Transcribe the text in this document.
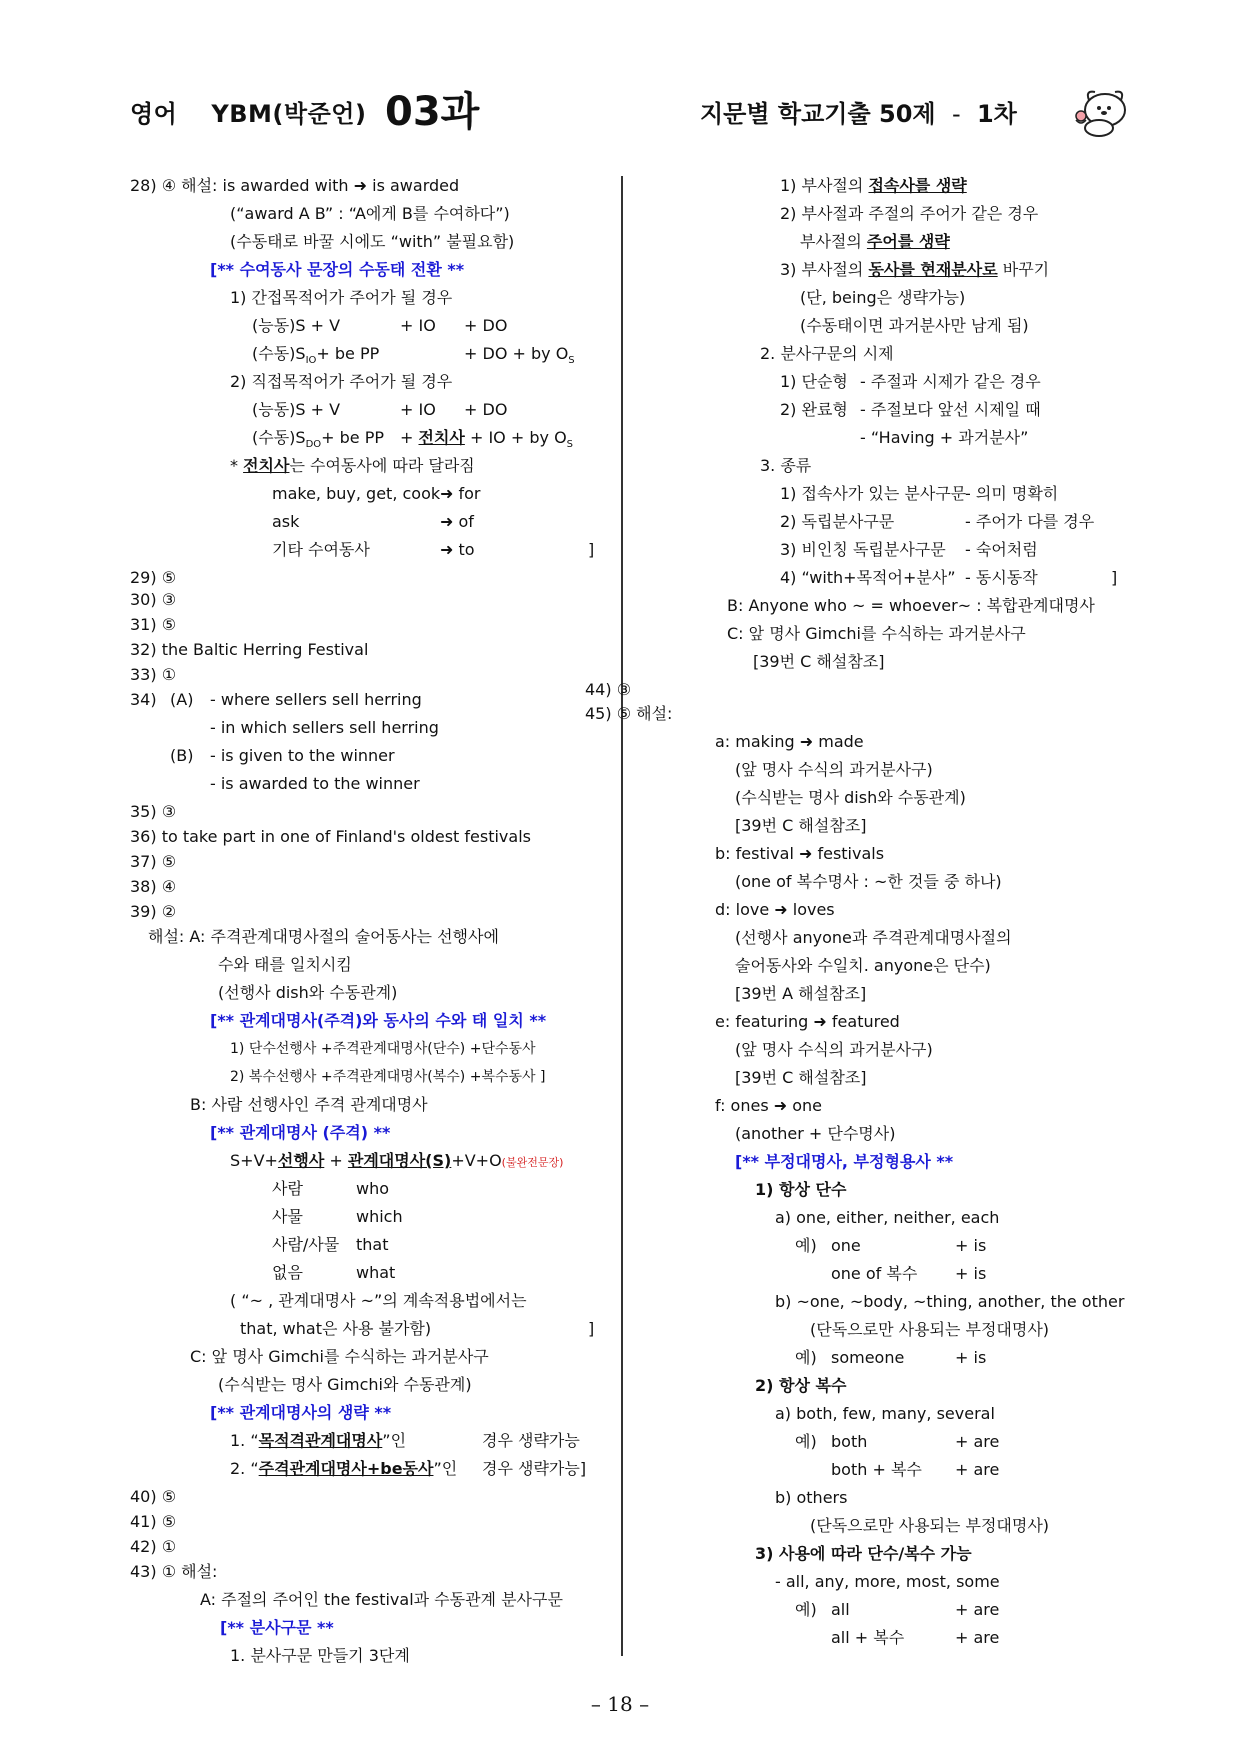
영어 YBM(박준언) 03과	지문별 학교기출 50제 - 1차
28) ④ 해설: is awarded with ➜ is awarded
(“award A B” : “A에게 B를 수여하다”)
(수동태로 바꿀 시에도 “with” 불필요함)
[** 수여동사 문장의 수동태 전환 **
1) 간접목적어가 주어가 될 경우
(능동)S + V	+ IO + DO
(수동)$S_{IO}+$ be PP	+ DO + by $O_S$
2) 직접목적어가 주어가 될 경우
(능동)S + V	+ IO + DO
(수동)$S_{DO}+$ be PP + 전치사 + IO + by $O_S$
* 전치사는 수여동사에 따라 달라짐
make, buy, get, cook ➜ for
ask	➜ of
기타 수여동사	➜ to	]
29) ⑤
30) ③
31) ⑤
32) the Baltic Herring Festival
33) ①
34) (A) - where sellers sell herring
- in which sellers sell herring
(B) - is given to the winner
- is awarded to the winner
35) ③
36) to take part in one of Finland's oldest festivals
37) ⑤
38) ④
39) ②
해설: A: 주격관계대명사절의 술어동사는 선행사에
수와 태를 일치시킴
(선행사 dish와 수동관계)
[** 관계대명사(주격)와 동사의 수와 태 일치 **
1) 단수선행사 +주격관계대명사(단수) +단수동사
2) 복수선행사 +주격관계대명사(복수) +복수동사 ]
B: 사람 선행사인 주격 관계대명사
[** 관계대명사 (주격) **
S+V+선행사 + 관계대명사(S)+V+O(불완전문장)
사람	who
사물	which
사람/사물 that
없음	what
( “~ , 관계대명사 ~”의 계속적용법에서는
that, what은 사용 불가함)	]
C: 앞 명사 Gimchi를 수식하는 과거분사구
(수식받는 명사 Gimchi와 수동관계)
[** 관계대명사의 생략 **
1. “목적격관계대명사”인	경우 생략가능
2. “주격관계대명사+be동사”인 경우 생략가능]
40) ⑤
41) ⑤
42) ①
43) ① 해설:
A: 주절의 주어인 the festival과 수동관계 분사구문
[** 분사구문 **
1. 분사구문 만들기 3단계
1) 부사절의 접속사를 생략
2) 부사절과 주절의 주어가 같은 경우
부사절의 주어를 생략
3) 부사절의 동사를 현재분사로 바꾸기
(단, being은 생략가능)
(수동태이면 과거분사만 남게 됨)
2. 분사구문의 시제
1) 단순형 - 주절과 시제가 같은 경우
2) 완료형 - 주절보다 앞선 시제일 때
- “Having + 과거분사”
3. 종류
1) 접속사가 있는 분사구문
- 의미 명확히
2) 독립분사구문	- 주어가 다를 경우
3) 비인칭 독립분사구문 - 숙어처럼
4) “with+목적어+분사” - 동시동작	]
B: Anyone who ~ = whoever~ : 복합관계대명사
C: 앞 명사 Gimchi를 수식하는 과거분사구
[39번 C 해설참조]
44) ③
45) ⑤ 해설:
a: making ➜ made
(앞 명사 수식의 과거분사구)
(수식받는 명사 dish와 수동관계)
[39번 C 해설참조]
b: festival ➜ festivals
(one of 복수명사 : ~한 것들 중 하나)
d: love ➜ loves
(선행사 anyone과 주격관계대명사절의
술어동사와 수일치. anyone은 단수)
[39번 A 해설참조]
e: featuring ➜ featured
(앞 명사 수식의 과거분사구)
[39번 C 해설참조]
f: ones ➜ one
(another + 단수명사)
[** 부정대명사, 부정형용사 **
1) 항상 단수
a) one, either, neither, each
예) one	+ is
one of 복수 + is
b) ~one, ~body, ~thing, another, the other
(단독으로만 사용되는 부정대명사)
예) someone	+ is
2) 항상 복수
a) both, few, many, several
예) both	+ are
both + 복수 + are
b) others
(단독으로만 사용되는 부정대명사)
3) 사용에 따라 단수/복수 가능
- all, any, more, most, some
예) all	+ are
all + 복수	+ are
– 18 –
